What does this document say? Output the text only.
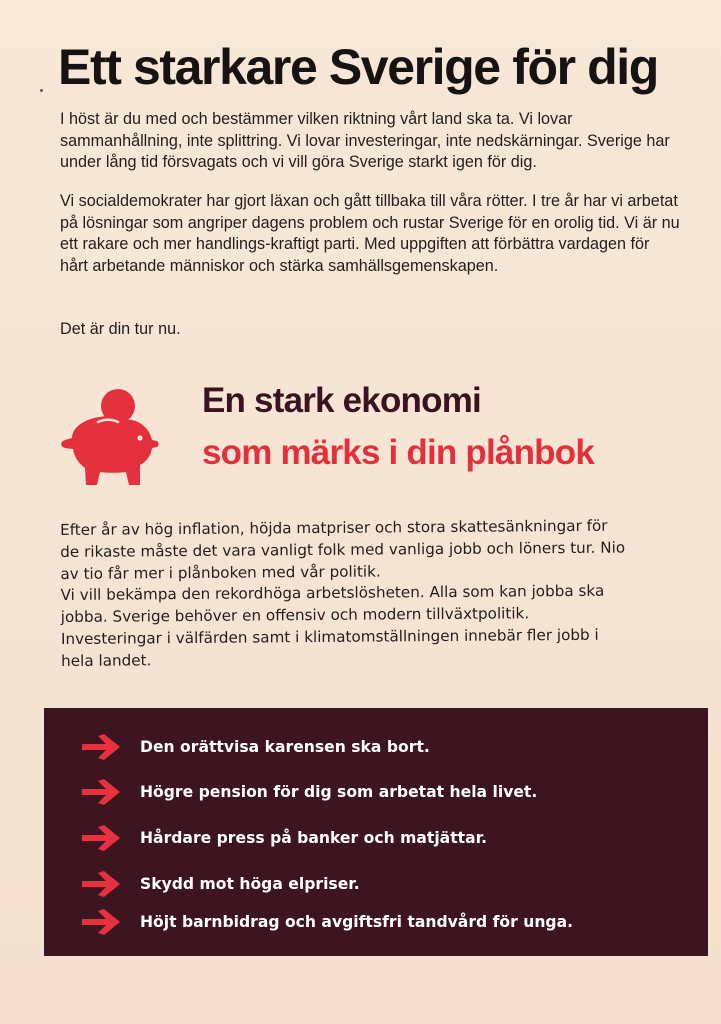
Ett starkare Sverige för dig

I höst är du med och bestämmer vilken riktning vårt land ska ta. Vi lovar sammanhållning, inte splittring. Vi lovar investeringar, inte nedskärningar. Sverige har under lång tid försvagats och vi vill göra Sverige starkt igen för dig.

Vi socialdemokrater har gjort läxan och gått tillbaka till våra rötter. I tre år har vi arbetat på lösningar som angriper dagens problem och rustar Sverige för en orolig tid. Vi är nu ett rakare och mer handlings-kraftigt parti. Med uppgiften att förbättra vardagen för hårt arbetande människor och stärka samhällsgemenskapen.

Det är din tur nu.

En stark ekonomi
som märks i din plånbok

Efter år av hög inflation, höjda matpriser och stora skattesänkningar för
de rikaste måste det vara vanligt folk med vanliga jobb och löners tur. Nio
av tio får mer i plånboken med vår politik.
Vi vill bekämpa den rekordhöga arbetslösheten. Alla som kan jobba ska
jobba. Sverige behöver en offensiv och modern tillväxtpolitik.
Investeringar i välfärden samt i klimatomställningen innebär fler jobb i
hela landet.

Den orättvisa karensen ska bort.
Högre pension för dig som arbetat hela livet.
Hårdare press på banker och matjättar.
Skydd mot höga elpriser.
Höjt barnbidrag och avgiftsfri tandvård för unga.
